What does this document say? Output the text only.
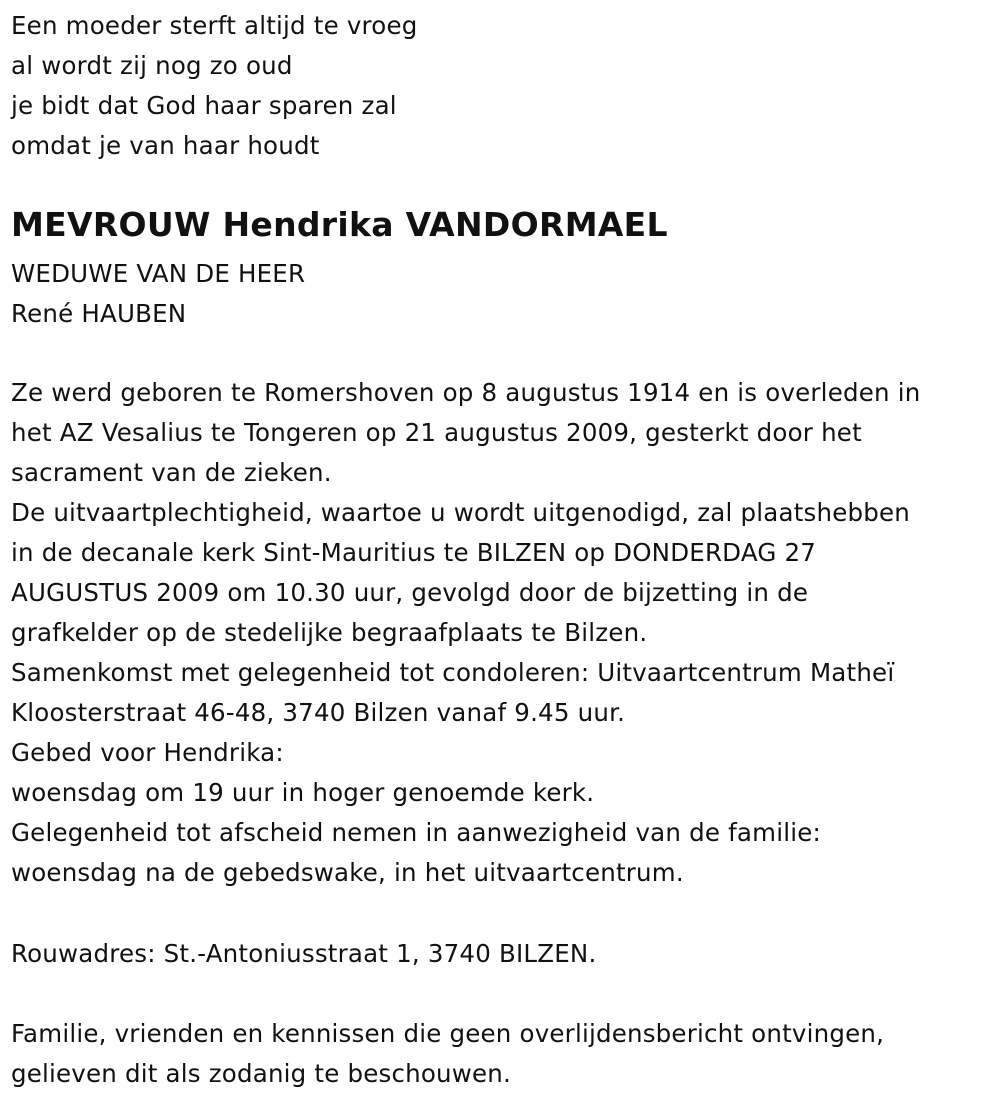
Een moeder sterft altijd te vroeg
al wordt zij nog zo oud
je bidt dat God haar sparen zal
omdat je van haar houdt
MEVROUW Hendrika VANDORMAEL
WEDUWE VAN DE HEER
René HAUBEN
Ze werd geboren te Romershoven op 8 augustus 1914 en is overleden in
het AZ Vesalius te Tongeren op 21 augustus 2009, gesterkt door het
sacrament van de zieken.
De uitvaartplechtigheid, waartoe u wordt uitgenodigd, zal plaatshebben
in de decanale kerk Sint-Mauritius te BILZEN op DONDERDAG 27
AUGUSTUS 2009 om 10.30 uur, gevolgd door de bijzetting in de
grafkelder op de stedelijke begraafplaats te Bilzen.
Samenkomst met gelegenheid tot condoleren: Uitvaartcentrum Matheï
Kloosterstraat 46-48, 3740 Bilzen vanaf 9.45 uur.
Gebed voor Hendrika:
woensdag om 19 uur in hoger genoemde kerk.
Gelegenheid tot afscheid nemen in aanwezigheid van de familie:
woensdag na de gebedswake, in het uitvaartcentrum.
Rouwadres: St.-Antoniusstraat 1, 3740 BILZEN.
Familie, vrienden en kennissen die geen overlijdensbericht ontvingen,
gelieven dit als zodanig te beschouwen.
